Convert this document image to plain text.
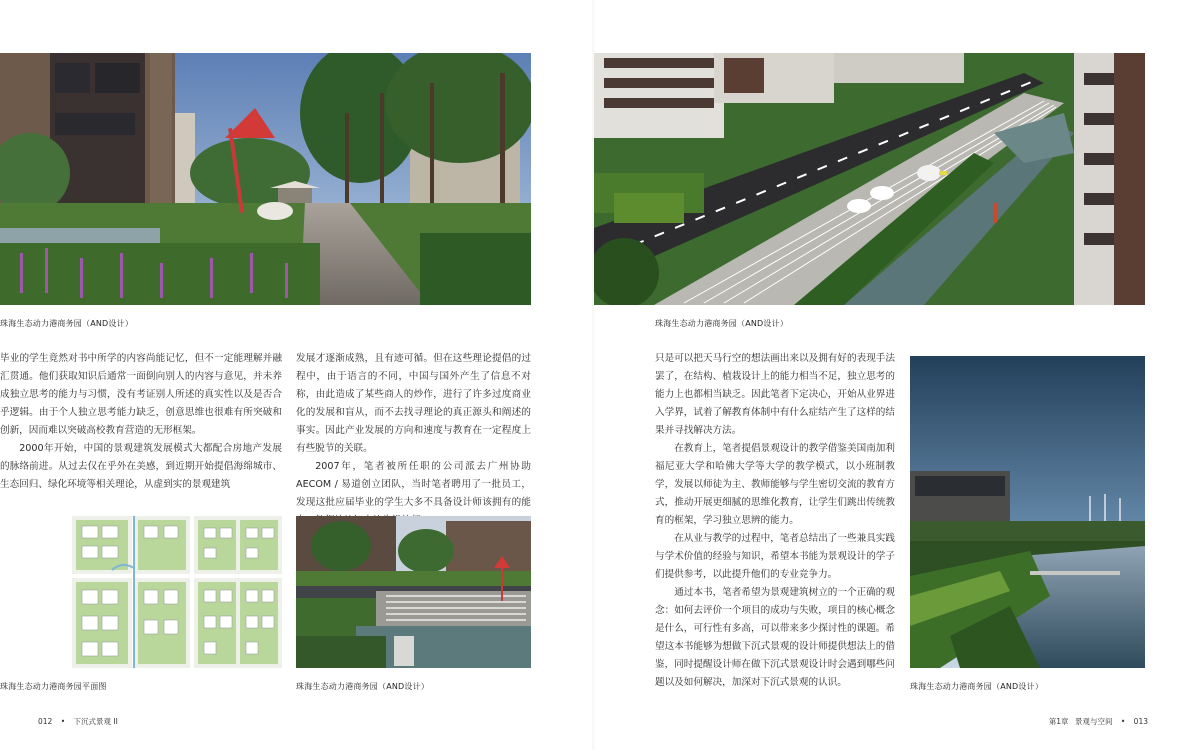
珠海生态动力港商务园（AND设计）

毕业的学生竟然对书中所学的内容尚能记忆，但不一定能理解并融汇贯通。他们获取知识后通常一面倒向别人的内容与意见，并未养成独立思考的能力与习惯，没有考证别人所述的真实性以及是否合乎逻辑。由于个人独立思考能力缺乏，创意思维也很难有所突破和创新，因而难以突破高校教育营造的无形框架。

2000年开始，中国的景观建筑发展模式大都配合房地产发展的脉络前进。从过去仅在乎外在美感，到近期开始提倡海绵城市、生态回归、绿化环境等相关理论，从虚到实的景观建筑

发展才逐渐成熟，且有迹可循。但在这些理论提倡的过程中，由于语言的不同，中国与国外产生了信息不对称，由此造成了某些商人的炒作，进行了许多过度商业化的发展和盲从，而不去找寻理论的真正源头和阐述的事实。因此产业发展的方向和速度与教育在一定程度上有些脱节的关联。

2007年，笔者被所任职的公司派去广州协助AECOM / 易道创立团队，当时笔者聘用了一批员工，发现这批应届毕业的学生大多不具备设计师该拥有的能

珠海生态动力港商务园平面图	珠海生态动力港商务园（AND设计）
012 • 下沉式景观 II
珠海生态动力港商务园（AND设计）

只是可以把天马行空的想法画出来以及拥有好的表现手法罢了，在结构、植栽设计上的能力相当不足，独立思考的能力上也都相当缺乏。因此笔者下定决心，开始从业界进入学界，试着了解教育体制中有什么症结产生了这样的结果并寻找解决方法。

在教育上，笔者提倡景观设计的教学借鉴美国南加利福尼亚大学和哈佛大学等大学的教学模式，以小班制教学，发展以师徒为主、教师能够与学生密切交流的教育方式，推动开展更细腻的思维化教育，让学生们跳出传统教育的框架，学习独立思辨的能力。

在从业与教学的过程中，笔者总结出了一些兼具实践与学术价值的经验与知识，希望本书能为景观设计的学子们提供参考，以此提升他们的专业竞争力。

通过本书，笔者希望为景观建筑树立的一个正确的观念：如何去评价一个项目的成功与失败，项目的核心概念是什么，可行性有多高，可以带来多少探讨性的课题。希望这本书能够为想做下沉式景观的设计师提供想法上的借鉴，同时提醒设计师在做下沉式景观设计时会遇到哪些问题以及如何解决，加深对下沉式景观的认识。	珠海生态动力港商务园（AND设计）
第1章 景观与空间 • 013
